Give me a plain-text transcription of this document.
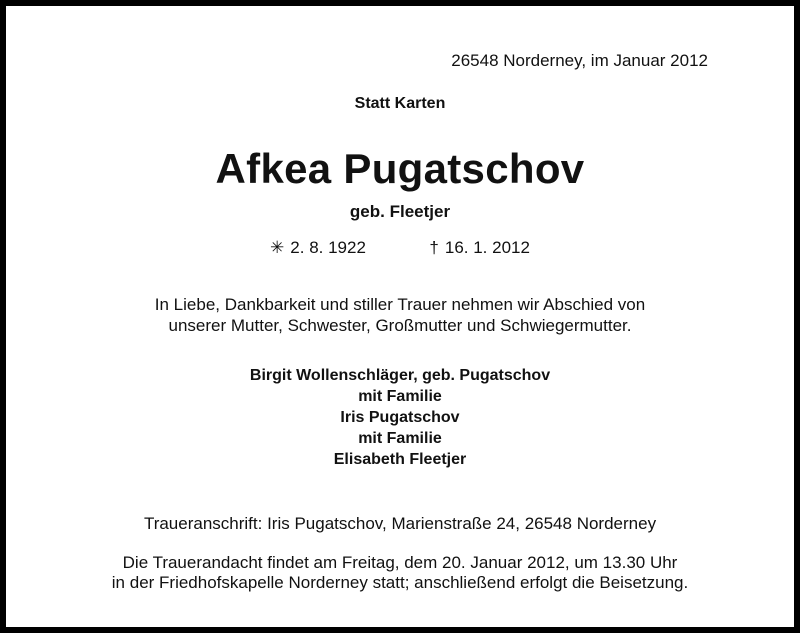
26548 Norderney, im Januar 2012
Statt Karten
Afkea Pugatschov
geb. Fleetjer
✳ 2. 8. 1922	† 16. 1. 2012
In Liebe, Dankbarkeit und stiller Trauer nehmen wir Abschied von
unserer Mutter, Schwester, Großmutter und Schwiegermutter.
Birgit Wollenschläger, geb. Pugatschov
mit Familie
Iris Pugatschov
mit Familie
Elisabeth Fleetjer
Traueranschrift: Iris Pugatschov, Marienstraße 24, 26548 Norderney
Die Trauerandacht findet am Freitag, dem 20. Januar 2012, um 13.30 Uhr
in der Friedhofskapelle Norderney statt; anschließend erfolgt die Beisetzung.
